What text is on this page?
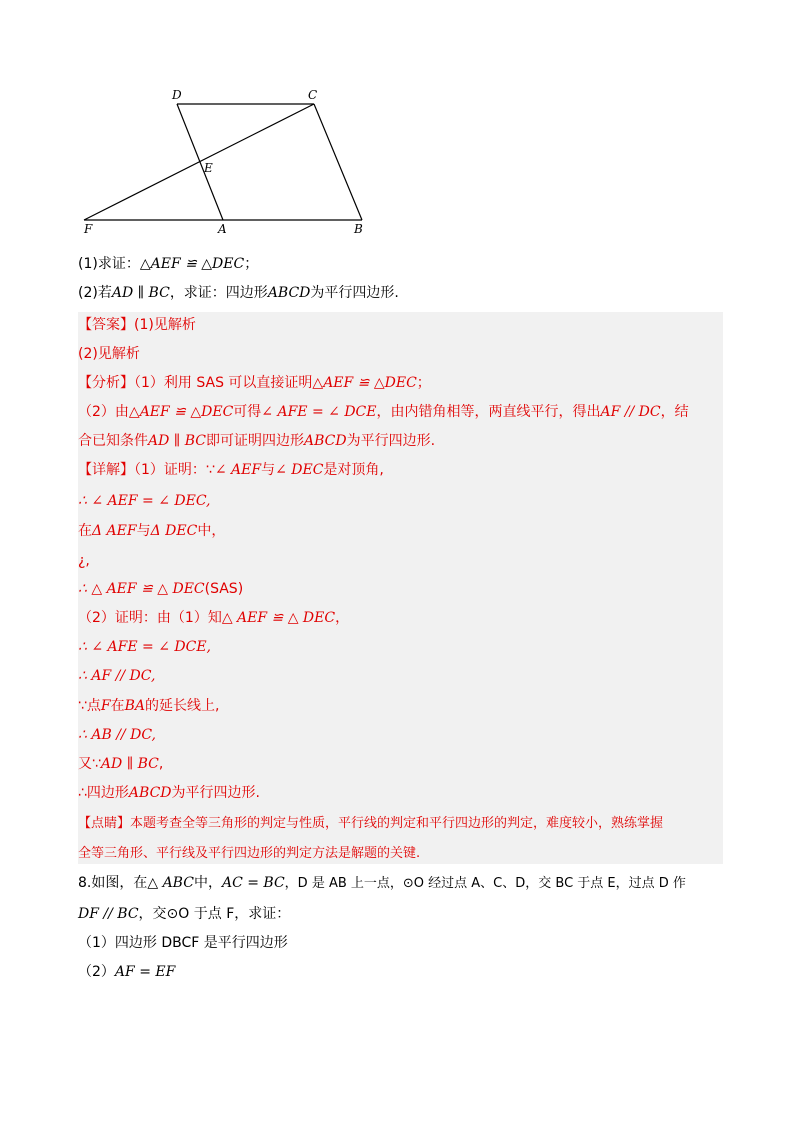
D	C
E
F	A	B
(1)求证：△AEF ≌ △DEC；
(2)若AD ∥ BC，求证：四边形ABCD为平行四边形.
【答案】(1)见解析
(2)见解析
【分析】（1）利用 SAS 可以直接证明△AEF ≌ △DEC；
（2）由△AEF ≌ △DEC可得∠ AFE = ∠ DCE，由内错角相等，两直线平行，得出AF // DC，结
合已知条件AD ∥ BC即可证明四边形ABCD为平行四边形.
【详解】（1）证明：∵∠ AEF与∠ DEC是对顶角,
∴ ∠ AEF = ∠ DEC,
在Δ AEF与Δ DEC中，
¿,
∴ △ AEF ≌ △ DEC(SAS)
（2）证明：由（1）知△ AEF ≌ △ DEC，
∴ ∠ AFE = ∠ DCE,
∴ AF // DC,
∵点F在BA的延长线上,
∴ AB // DC,
又∵AD ∥ BC,
∴四边形ABCD为平行四边形.
【点睛】本题考查全等三角形的判定与性质，平行线的判定和平行四边形的判定，难度较小，熟练掌握
全等三角形、平行线及平行四边形的判定方法是解题的关键.
8.如图，在△ ABC中，AC = BC，D 是 AB 上一点，⊙O 经过点 A、C、D，交 BC 于点 E，过点 D 作
DF // BC，交⊙O 于点 F，求证：
（1）四边形 DBCF 是平行四边形
（2）AF = EF
